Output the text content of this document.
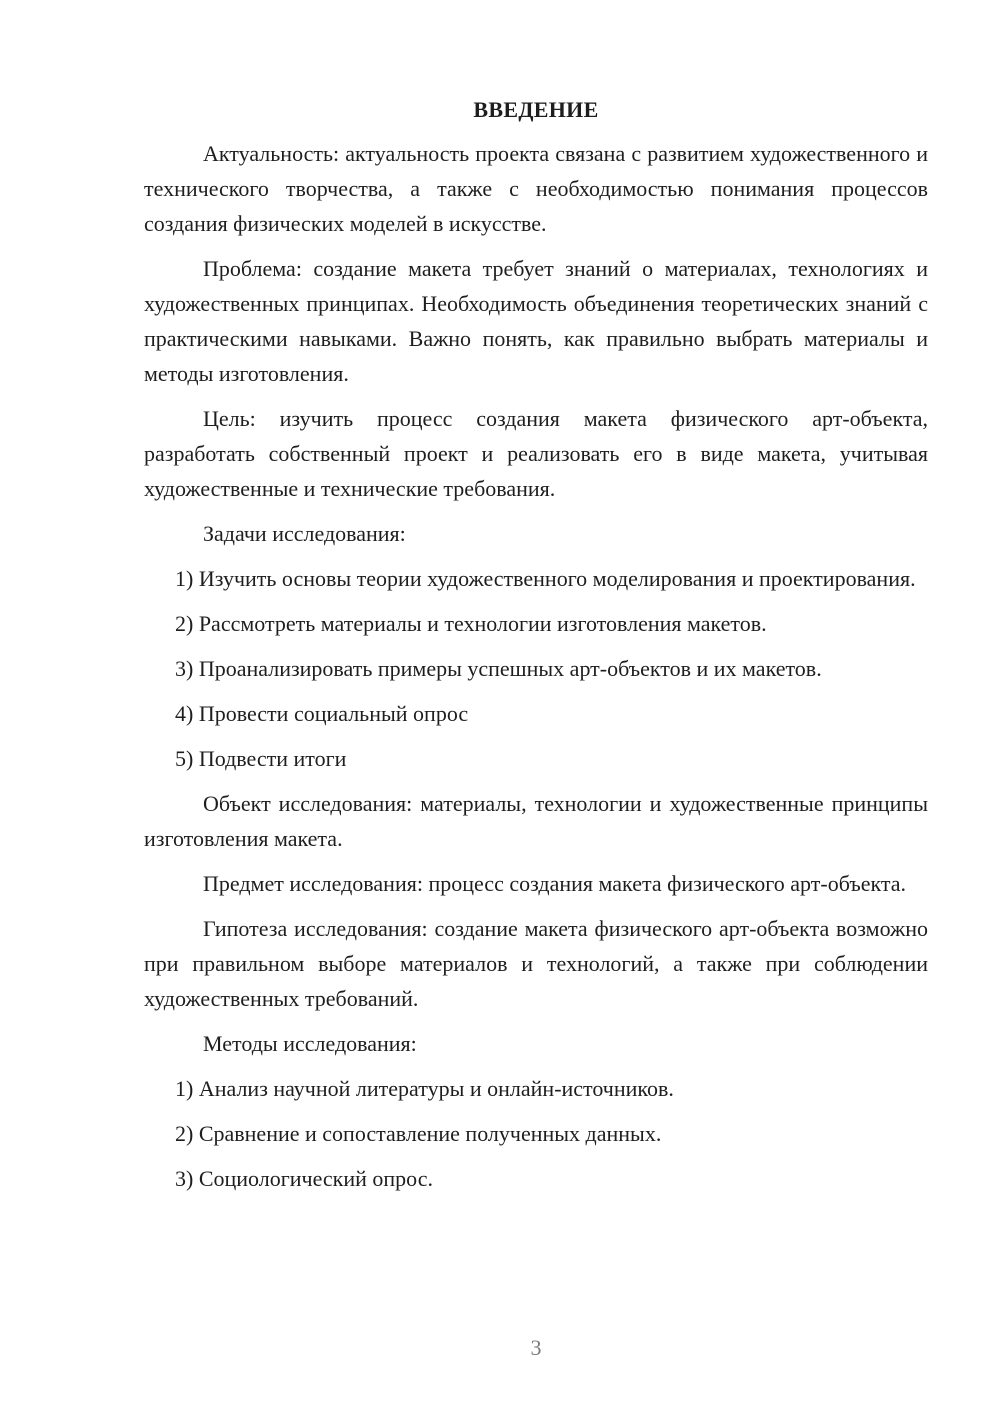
ВВЕДЕНИЕ

Актуальность: актуальность проекта связана с развитием художественного и технического творчества, а также с необходимостью понимания процессов создания физических моделей в искусстве.

Проблема: создание макета требует знаний о материалах, технологиях и художественных принципах. Необходимость объединения теоретических знаний с практическими навыками. Важно понять, как правильно выбрать материалы и методы изготовления.

Цель: изучить процесс создания макета физического арт-объекта, разработать собственный проект и реализовать его в виде макета, учитывая художественные и технические требования.

Задачи исследования:

1) Изучить основы теории художественного моделирования и проектирования.

2) Рассмотреть материалы и технологии изготовления макетов.

3) Проанализировать примеры успешных арт-объектов и их макетов.

4) Провести социальный опрос

5) Подвести итоги

Объект исследования: материалы, технологии и художественные принципы изготовления макета.

Предмет исследования: процесс создания макета физического арт-объекта.

Гипотеза исследования: создание макета физического арт-объекта возможно при правильном выборе материалов и технологий, а также при соблюдении художественных требований.

Методы исследования:

1) Анализ научной литературы и онлайн-источников.

2) Сравнение и сопоставление полученных данных.

3) Социологический опрос.

3
